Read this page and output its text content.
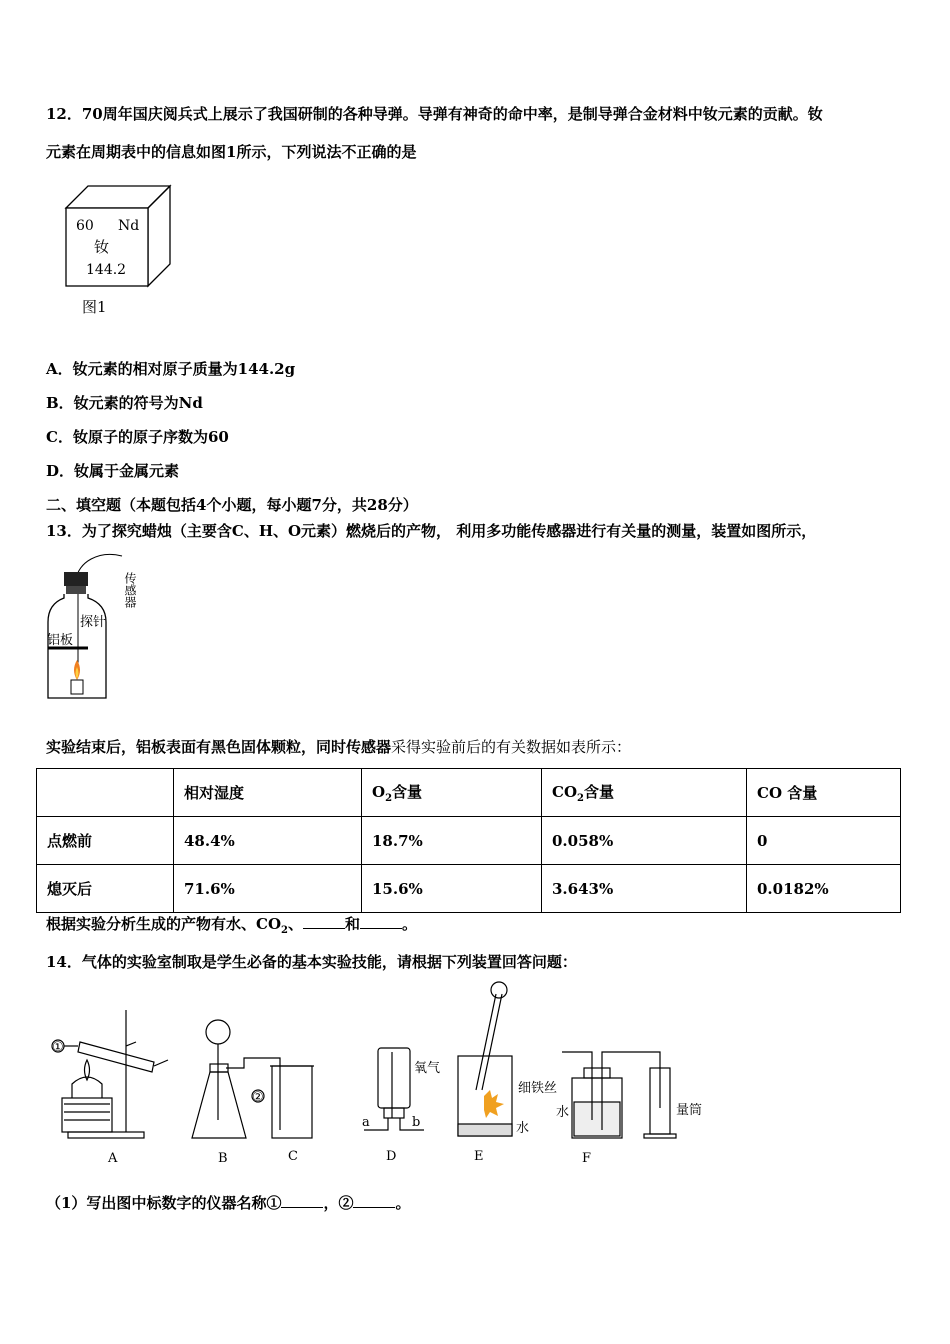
12．70周年国庆阅兵式上展示了我国研制的各种导弹。导弹有神奇的命中率，是制导弹合金材料中钕元素的贡献。钕
元素在周期表中的信息如图1所示，下列说法不正确的是
60 Nd
钕
144.2
图1
A．钕元素的相对原子质量为144.2g
B．钕元素的符号为Nd
C．钕原子的原子序数为60
D．钕属于金属元素
二、填空题（本题包括4个小题，每小题7分，共28分）
13．为了探究蜡烛（主要含C、H、O元素）燃烧后的产物， 利用多功能传感器进行有关量的测量，装置如图所示，
探针
铝板
传感器
实验结束后，铝板表面有黑色固体颗粒，同时传感器采得实验前后的有关数据如表所示：
	相对湿度	$O_2$含量	$CO_2$含量	CO 含量
点燃前	48.4%	18.7%	0.058%	0
熄灭后	71.6%	15.6%	3.643%	0.0182%
根据实验分析生成的产物有水、$CO_2$、	和	。
14．气体的实验室制取是学生必备的基本实验技能，请根据下列装置回答问题：
①
②
A	B	C	D	E	F
a	b
氧气
细铁丝
水
水	量筒
（1）写出图中标数字的仪器名称①	，②	。
